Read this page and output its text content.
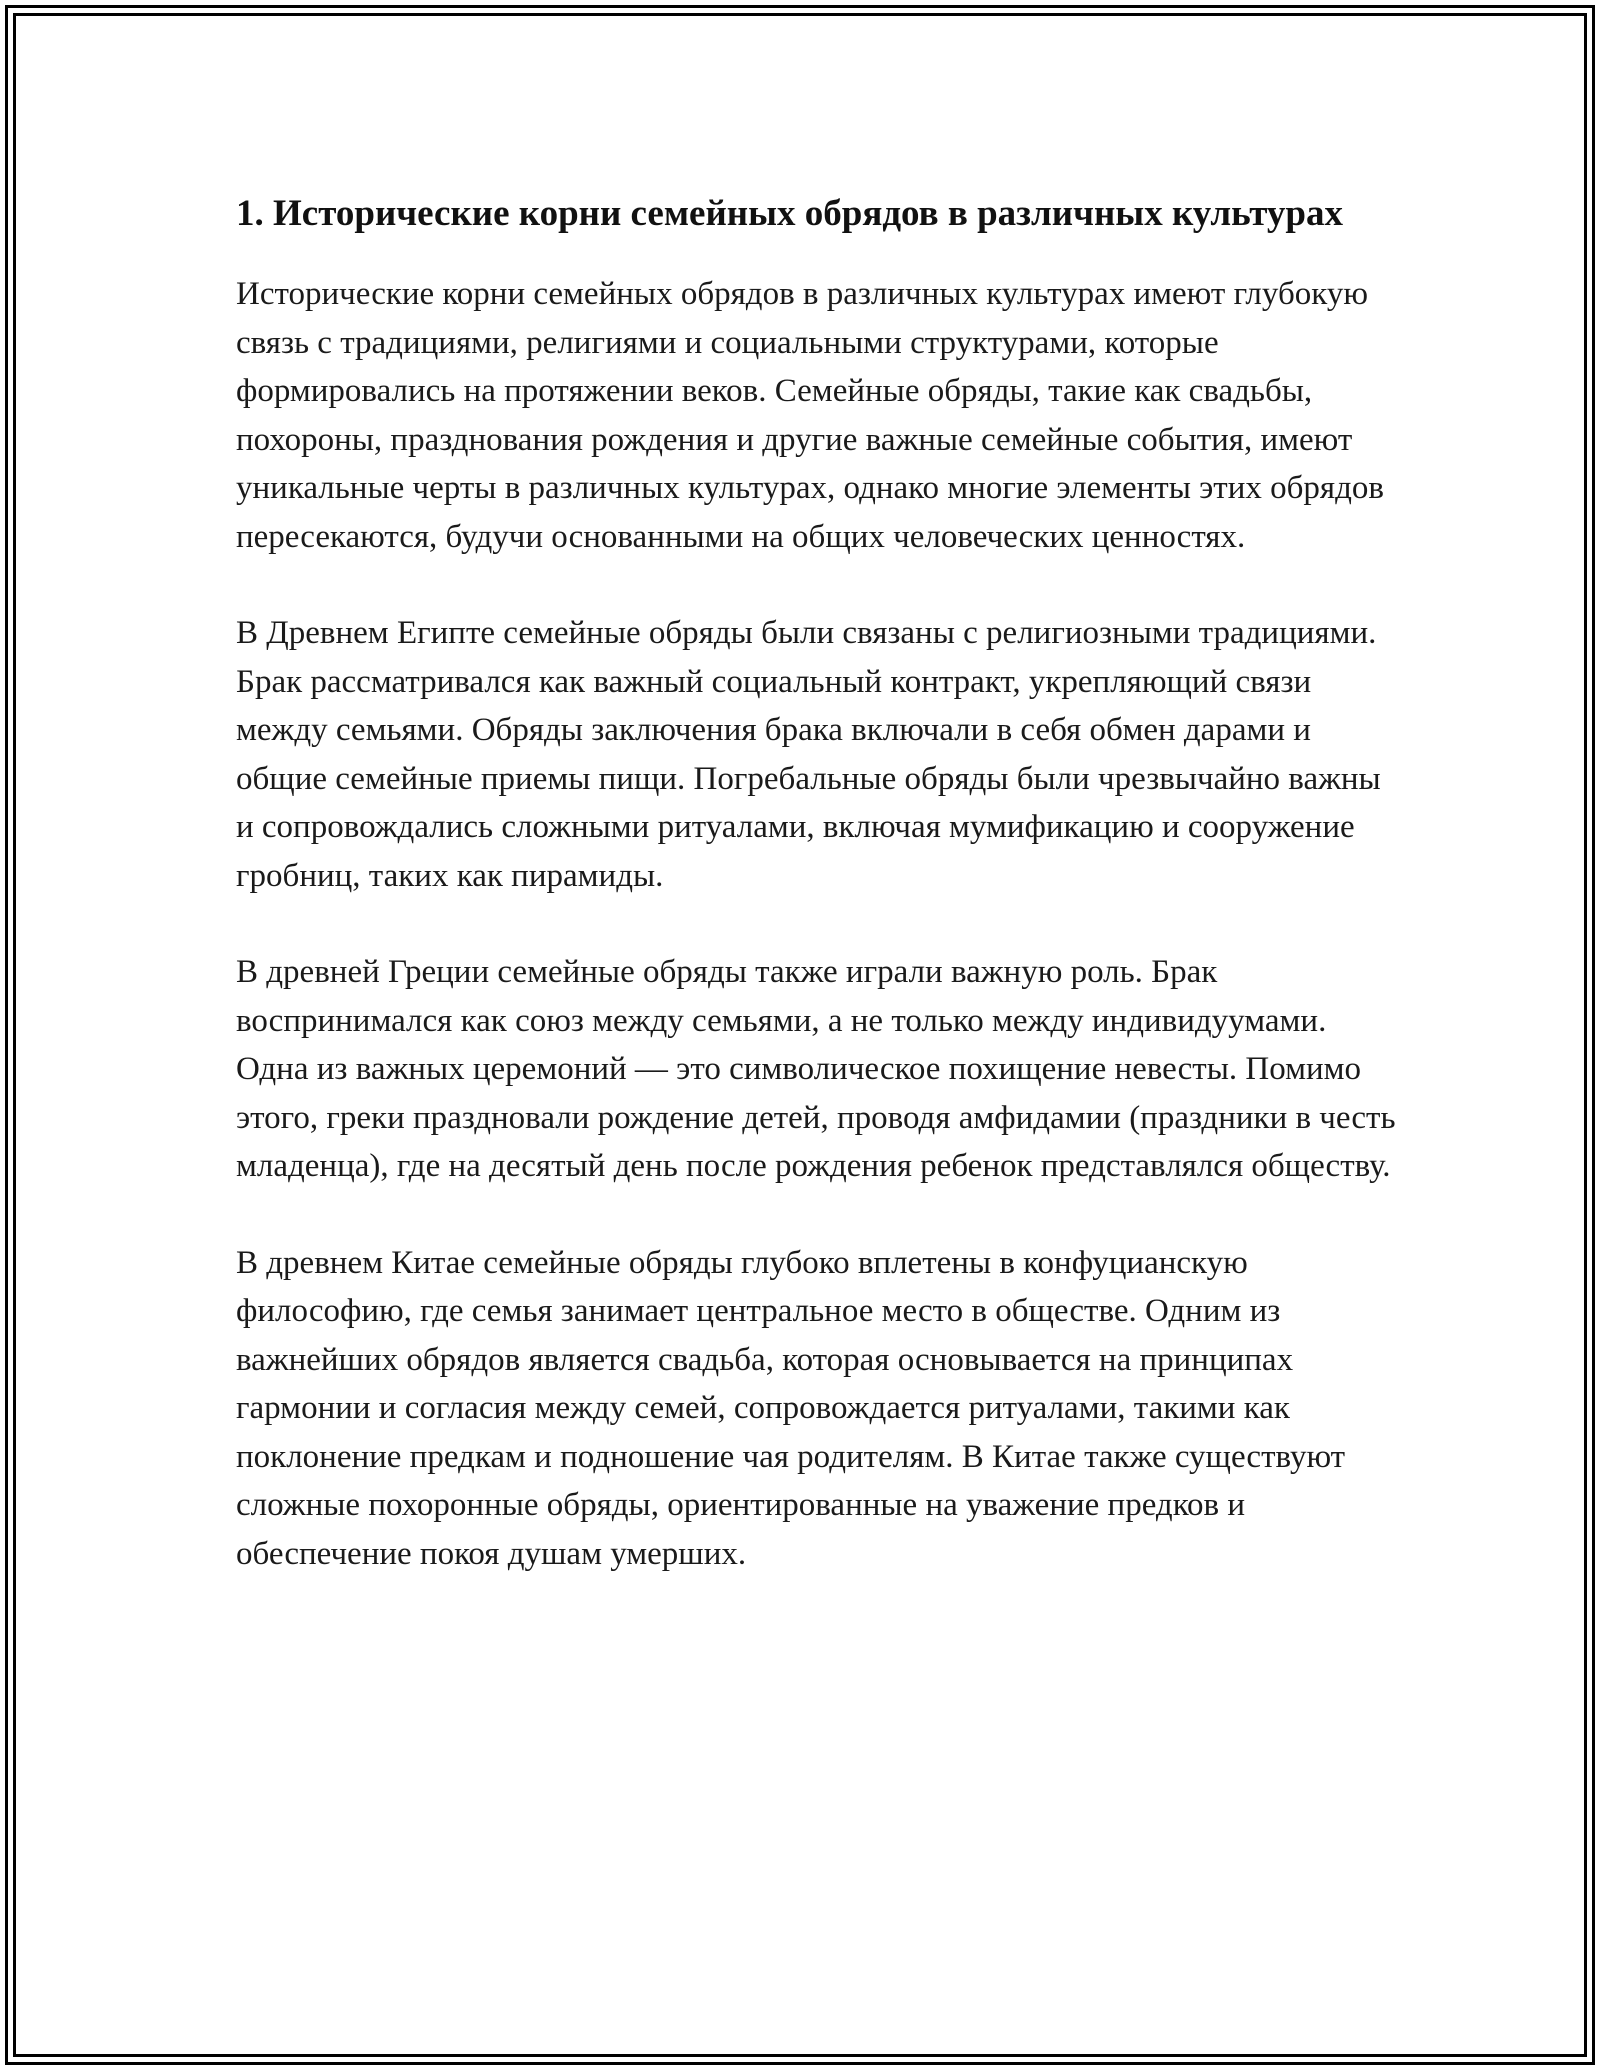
1. Исторические корни семейных обрядов в различных культурах

Исторические корни семейных обрядов в различных культурах имеют глубокую связь с традициями, религиями и социальными структурами, которые формировались на протяжении веков. Семейные обряды, такие как свадьбы, похороны, празднования рождения и другие важные семейные события, имеют уникальные черты в различных культурах, однако многие элементы этих обрядов пересекаются, будучи основанными на общих человеческих ценностях.

В Древнем Египте семейные обряды были связаны с религиозными традициями. Брак рассматривался как важный социальный контракт, укрепляющий связи между семьями. Обряды заключения брака включали в себя обмен дарами и общие семейные приемы пищи. Погребальные обряды были чрезвычайно важны и сопровождались сложными ритуалами, включая мумификацию и сооружение гробниц, таких как пирамиды.

В древней Греции семейные обряды также играли важную роль. Брак воспринимался как союз между семьями, а не только между индивидуумами. Одна из важных церемоний — это символическое похищение невесты. Помимо этого, греки праздновали рождение детей, проводя амфидамии (праздники в честь младенца), где на десятый день после рождения ребенок представлялся обществу.

В древнем Китае семейные обряды глубоко вплетены в конфуцианскую философию, где семья занимает центральное место в обществе. Одним из важнейших обрядов является свадьба, которая основывается на принципах гармонии и согласия между семей, сопровождается ритуалами, такими как поклонение предкам и подношение чая родителям. В Китае также существуют сложные похоронные обряды, ориентированные на уважение предков и обеспечение покоя душам умерших.
